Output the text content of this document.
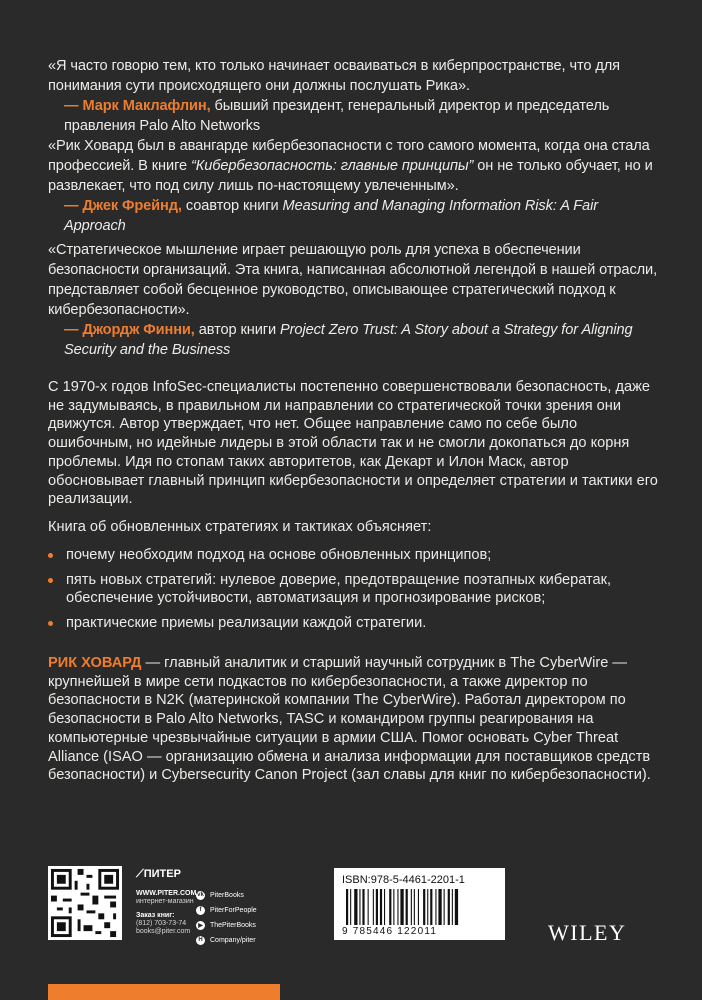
«Я часто говорю тем, кто только начинает осваиваться в киберпространстве, что для понимания сути происходящего они должны послушать Рика».
— Марк Маклафлин, бывший президент, генеральный директор и председатель правления Palo Alto Networks
«Рик Ховард был в авангарде кибербезопасности с того самого момента, когда она стала профессией. В книге “Кибербезопасность: главные принципы” он не только обучает, но и развлекает, что под силу лишь по-настоящему увлеченным».
— Джек Фрейнд, соавтор книги Measuring and Managing Information Risk: A Fair Approach
«Стратегическое мышление играет решающую роль для успеха в обеспечении безопасности организаций. Эта книга, написанная абсолютной легендой в нашей отрасли, представляет собой бесценное руководство, описывающее стратегический подход к кибербезопасности».
— Джордж Финни, автор книги Project Zero Trust: A Story about a Strategy for Aligning Security and the Business
С 1970-х годов InfoSec-специалисты постепенно совершенствовали безопасность, даже не задумываясь, в правильном ли направлении со стратегической точки зрения они движутся. Автор утверждает, что нет. Общее направление само по себе было ошибочным, но идейные лидеры в этой области так и не смогли докопаться до корня проблемы. Идя по стопам таких авторитетов, как Декарт и Илон Маск, автор обосновывает главный принцип кибербезопасности и определяет стратегии и тактики его реализации.
Книга об обновленных стратегиях и тактиках объясняет:
почему необходим подход на основе обновленных принципов;
пять новых стратегий: нулевое доверие, предотвращение поэтапных кибератак, обеспечение устойчивости, автоматизация и прогнозирование рисков;
практические приемы реализации каждой стратегии.
РИК ХОВАРД — главный аналитик и старший научный сотрудник в The CyberWire — крупнейшей в мире сети подкастов по кибербезопасности, а также директор по безопасности в N2K (материнской компании The CyberWire). Работал директором по безопасности в Palo Alto Networks, TASC и командиром группы реагирования на компьютерные чрезвычайные ситуации в армии США. Помог основать Cyber Threat Alliance (ISAO — организацию обмена и анализа информации для поставщиков средств безопасности) и Cybersecurity Canon Project (зал славы для книг по кибербезопасности).
⟋ПИТЕР
WWW.PITER.COM
интернет-магазин
Заказ книг:
(812) 703-73-74
books@piter.com
vk PiterBooks
f	PiterForPeople
▶	ThePiterBooks
H	Company/piter
ISBN:978-5-4461-2201-1
9 785446 122011	WILEY
